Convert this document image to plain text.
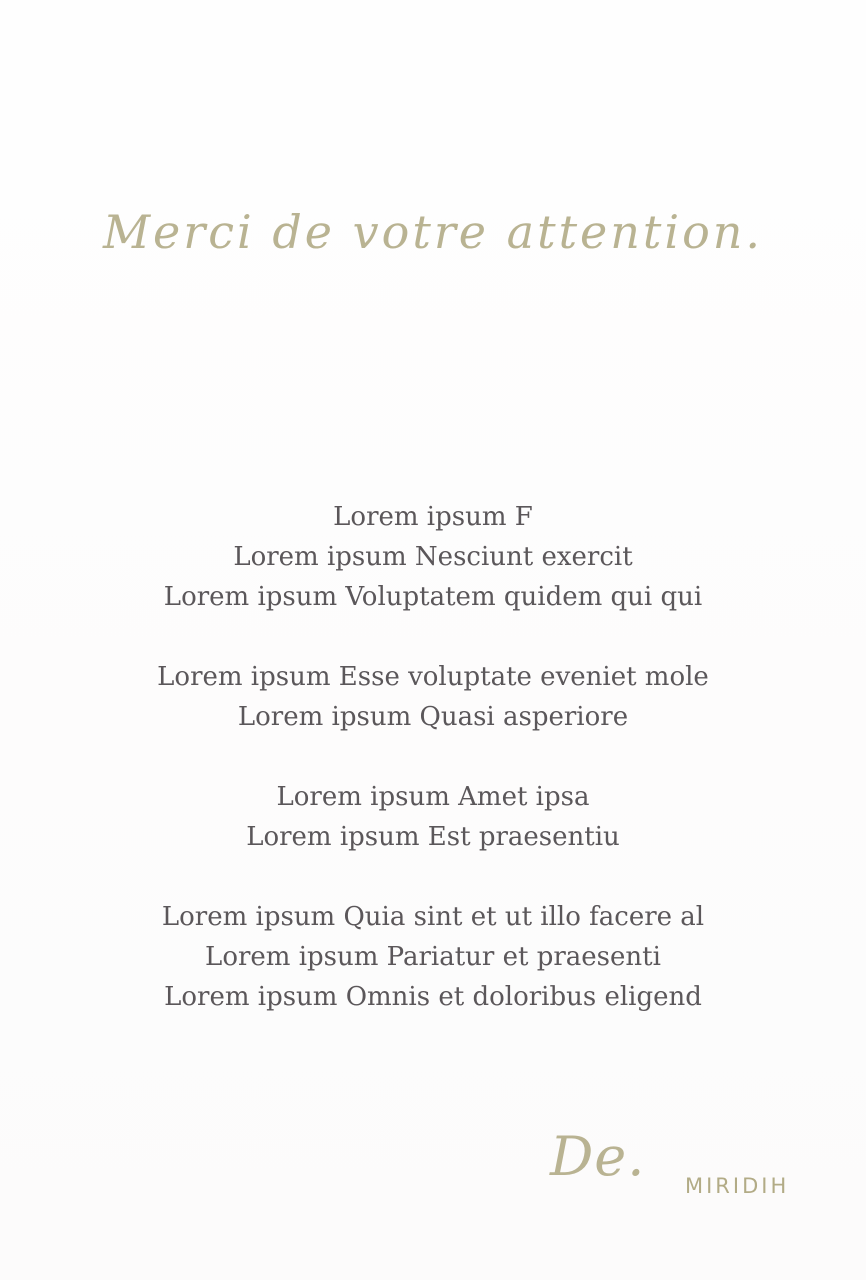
Merci de votre attention.
Lorem ipsum F
Lorem ipsum Nesciunt exercit
Lorem ipsum Voluptatem quidem qui qui
Lorem ipsum Esse voluptate eveniet mole
Lorem ipsum Quasi asperiore
Lorem ipsum Amet ipsa
Lorem ipsum Est praesentiu
Lorem ipsum Quia sint et ut illo facere al
Lorem ipsum Pariatur et praesenti
Lorem ipsum Omnis et doloribus eligend
De. MIRIDIH
